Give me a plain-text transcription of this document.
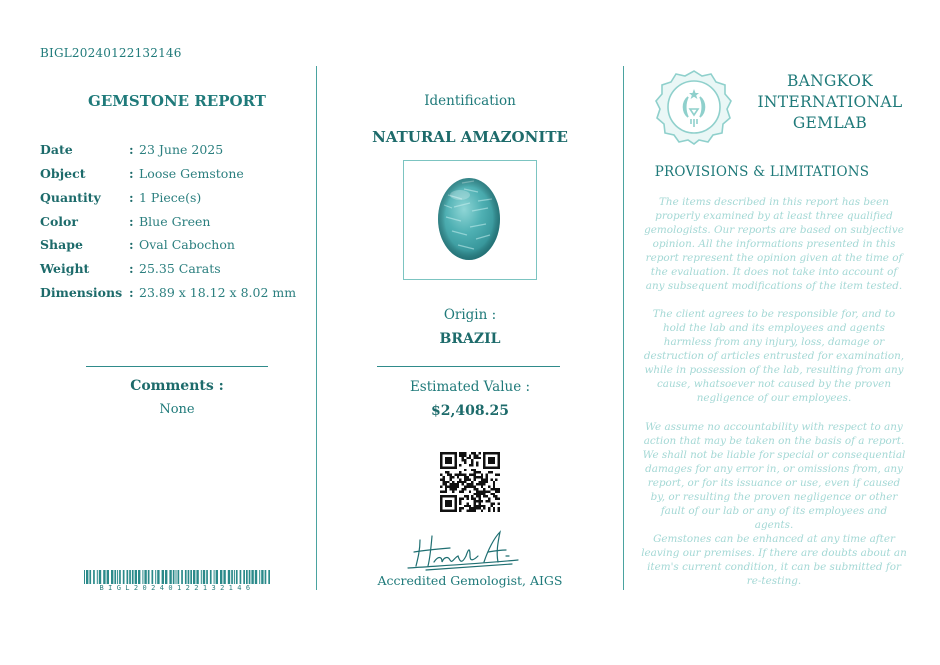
BIGL20240122132146
GEMSTONE REPORT
Date	: 23 June 2025
Object	: Loose Gemstone
Quantity	: 1 Piece(s)
Color	: Blue Green
Shape	: Oval Cabochon
Weight	: 25.35 Carats
Dimensions : 23.89 x 18.12 x 8.02 mm
Comments :
None
BIGL20240122132146
Identification
NATURAL AMAZONITE
Origin :
BRAZIL
Estimated Value :
$2,408.25
Accredited Gemologist, AIGS
BANGKOK
INTERNATIONAL
GEMLAB
PROVISIONS & LIMITATIONS
The items described in this report has been properly examined by at least three qualified gemologists. Our reports are based on subjective opinion. All the informations presented in this report represent the opinion given at the time of the evaluation. It does not take into account of any subsequent modifications of the item tested.
The client agrees to be responsible for, and to hold the lab and its employees and agents harmless from any injury, loss, damage or destruction of articles entrusted for examination, while in possession of the lab, resulting from any cause, whatsoever not caused by the proven negligence of our employees.
We assume no accountability with respect to any action that may be taken on the basis of a report. We shall not be liable for special or consequential damages for any error in, or omissions from, any report, or for its issuance or use, even if caused by, or resulting the proven negligence or other fault of our lab or any of its employees and agents.
Gemstones can be enhanced at any time after leaving our premises. If there are doubts about an item's current condition, it can be submitted for re-testing.
